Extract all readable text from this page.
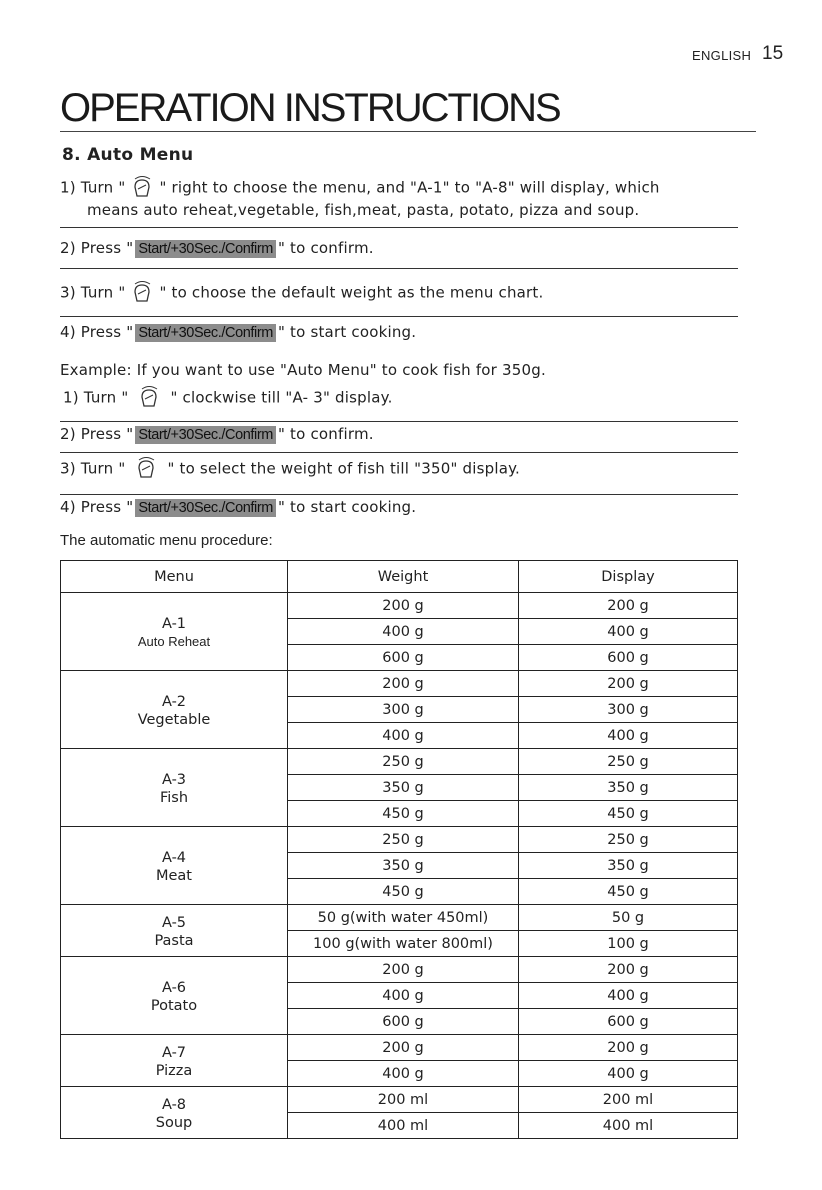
ENGLISH 15
OPERATION INSTRUCTIONS
8. Auto Menu
1) Turn " " right to choose the menu, and "A-1" to "A-8" will display, which
means auto reheat,vegetable, fish,meat, pasta, potato, pizza and soup.
2) Press " Start/+30Sec./Confirm " to confirm.
3) Turn " " to choose the default weight as the menu chart.
4) Press " Start/+30Sec./Confirm " to start cooking.
Example: If you want to use "Auto Menu" to cook fish for 350g.
1) Turn "	" clockwise till "A- 3" display.
2) Press " Start/+30Sec./Confirm " to confirm.
3) Turn "	" to select the weight of fish till "350" display.
4) Press " Start/+30Sec./Confirm " to start cooking.
The automatic menu procedure:
Menu	Weight	Display

A-1
Auto Reheat	200 g	200 g
	400 g	400 g
	600 g	600 g

A-2
Vegetable	200 g	200 g
	300 g	300 g
	400 g	400 g

A-3
Fish	250 g	250 g
	350 g	350 g
	450 g	450 g

A-4
Meat	250 g	250 g
	350 g	350 g
	450 g	450 g

A-5
Pasta	50 g(with water 450ml)	50 g
	100 g(with water 800ml)	100 g

A-6
Potato	200 g	200 g
	400 g	400 g
	600 g	600 g

A-7
Pizza	200 g	200 g
	400 g	400 g

A-8
Soup	200 ml	200 ml
	400 ml	400 ml
